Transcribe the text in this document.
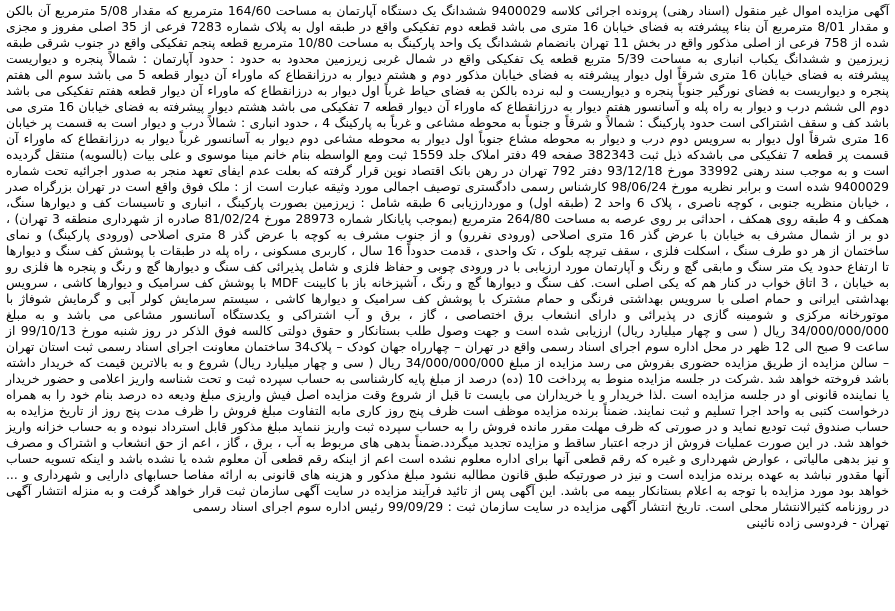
آگهی مزایده اموال غیر منقول (اسناد رهنی) پرونده اجرائی کلاسه 9400029 ششدانگ یک دستگاه آپارتمان به مساحت 164/60 مترمربع که مقدار 5/08 مترمربع آن بالکن و مقدار 8/01 مترمربع آن بناء پیشرفته به فضای خیابان 16 متری می باشد قطعه دوم تفکیکی واقع در طبقه اول به پلاک شماره 7283 فرعی از 35 اصلی مفروز و مجزی شده از 758 فرعی از اصلی مذکور واقع در بخش 11 تهران بانضمام ششدانگ یک واحد پارکینگ به مساحت 10/80 مترمربع قطعه پنجم تفکیکی واقع در جنوب شرقی طبقه زیرزمین و ششدانگ یکباب انباری به مساحت 5/39 متربع قطعه یک تفکیکی واقع در شمال غربی زیرزمین محدود به حدود : حدود آپارتمان : شمالاً پنجره و دیواریست پیشرفته به فضای خیابان 16 متری شرقاً اول دیوار پیشرفته به فضای خیابان مذکور دوم و هشتم دیوار به درزانقطاع که ماوراء آن دیوار قطعه 5 می باشد سوم الی هفتم پنجره و دیواریست به فضای نورگیر جنوباً پنجره و دیواریست و لبه نرده بالکن به فضای حیاط غرباً اول دیوار به درزانقطاع که ماوراء آن دیوار قطعه هفتم تفکیکی می باشد دوم الی ششم درب و دیوار به راه پله و آسانسور هفتم دیوار به درزانقطاع که ماوراء آن دیوار قطعه 7 تفکیکی می باشد هشتم دیوار پیشرفته به فضای خیابان 16 متری می باشد کف و سقف اشتراکی است حدود پارکینگ : شمالاً و شرقاً و جنوباً به محوطه مشاعی و غرباً به پارکینگ 4 ، حدود انباری : شمالاً درب و دیوار است به قسمت پر خیابان 16 متری شرقاً اول دیوار به سرویس دوم درب و دیوار به محوطه مشاع جنوباً اول دیوار به محوطه مشاعی دوم دیوار به آسانسور غرباً دیوار به درزانقطاع که ماوراء آن قسمت پر قطعه 7 تفکیکی می باشدکه ذیل ثبت 382343 صفحه 49 دفتر املاک جلد 1559 ثبت ومع الواسطه بنام خانم مینا موسوی و علی بیات (بالسویه) منتقل گردیده است و به موجب سند رهنی 33992 مورخ 93/12/18 دفتر 792 تهران در رهن بانک اقتصاد نوین قرار گرفته که بعلت عدم ایفای تعهد منجر به صدور اجرائیه تحت شماره 9400029 شده است و برابر نظریه مورخ 98/06/24 کارشناس رسمی دادگستری توصیف اجمالی مورد وثیقه عبارت است از : ملک فوق واقع است در تهران بزرگراه صدر ، خیابان منظریه جنوبی ، کوچه ناصری ، پلاک 6 واحد 2 (طبقه اول) و موردارزیابی 6 طبقه شامل : زیرزمین بصورت پارکینگ ، انباری و تاسیسات کف و دیوارها سنگ، همکف و 4 طبقه روی همکف ، احداثی بر روی عرصه به مساحت 264/80 مترمربع (بموجب پایانکار شماره 28973 مورخ 81/02/24 صادره از شهرداری منطقه 3 تهران) ، دو بر از شمال مشرف به خیابان با عرض گذر 16 متری اصلاحی (ورودی نفررو) و از جنوب مشرف به کوچه با عرض گذر 8 متری اصلاحی (ورودی پارکینگ) و نمای ساختمان از هر دو طرف سنگ ، اسکلت فلزی ، سقف تیرچه بلوک ، تک واحدی ، قدمت حدوداً 16 سال ، کاربری مسکونی ، راه پله در طبقات با پوشش کف سنگ و دیوارها تا ارتفاع حدود یک متر سنگ و مابقی گچ و رنگ و آپارتمان مورد ارزیابی با در ورودی چوبی و حفاظ فلزی و شامل پذیرائی کف سنگ و دیوارها گچ و رنگ و پنجره ها فلزی رو به خیابان ، 3 اتاق خواب در کنار هم که یکی اصلی است. کف سنگ و دیوارها گچ و رنگ ، آشپزخانه باز با کابینت MDF با پوشش کف سرامیک و دیوارها کاشی ، سرویس بهداشتی ایرانی و حمام اصلی با سرویس بهداشتی فرنگی و حمام مشترک با پوشش کف سرامیک و دیوارها کاشی ، سیستم سرمایش کولر آبی و گرمایش شوفاژ با موتورخانه مرکزی و شومینه گازی در پذیرائی و دارای انشعاب برق اختصاصی ، گاز ، برق و آب اشتراکی و یکدستگاه آسانسور مشاعی می باشد و به مبلغ 34/000/000/000 ریال ( سی و چهار میلیارد ریال) ارزیابی شده است و جهت وصول طلب بستانکار و حقوق دولتی کالسه فوق الذکر در روز شنبه مورخ 99/10/13 از ساعت 9 صبح الی 12 ظهر در محل اداره سوم اجرای اسناد رسمی واقع در تهران – چهارراه جهان کودک – پلاک34 ساختمان معاونت اجرای اسناد رسمی ثبت استان تهران – سالن مزایده از طریق مزایده حضوری بفروش می رسد مزایده از مبلغ 34/000/000/000 ریال ( سی و چهار میلیارد ریال) شروع و به بالاترین قیمت که خریدار داشته باشد فروخته خواهد شد .شرکت در جلسه مزایده منوط به پرداخت 10 (ده) درصد از مبلغ پایه کارشناسی به حساب سپرده ثبت و تحت شناسه واریز اعلامی و حضور خریدار یا نماینده قانونی او در جلسه مزایده است .لذا خریدار و یا خریداران می بایست تا قبل از شروع وقت مزایده اصل فیش واریزی مبلغ ودیعه ده درصد بنام خود را به همراه درخواست کتبی به واحد اجرا تسلیم و ثبت نمایند. ضمناً برنده مزایده موظف است ظرف پنج روز کاری مابه التفاوت مبلغ فروش را ظرف مدت پنج روز از تاریخ مزایده به حساب صندوق ثبت تودیع نماید و در صورتی که ظرف مهلت مقرر مانده فروش را به حساب سپرده ثبت واریز ننماید مبلغ مذکور قابل استرداد نبوده و به حساب خزانه واریز خواهد شد. در این صورت عملیات فروش از درجه اعتبار ساقط و مزایده تجدید میگردد.ضمناً بدهی های مربوط به آب ، برق ، گاز ، اعم از حق انشعاب و اشتراک و مصرف و نیز بدهی مالیاتی ، عوارض شهرداری و غیره که رقم قطعی آنها برای اداره معلوم نشده است اعم از اینکه رقم قطعی آن معلوم شده یا نشده باشد و اینکه تسویه حساب آنها مقدور نباشد به عهده برنده مزایده است و نیز در صورتیکه طبق قانون مطالبه نشود مبلغ مذکور و هزینه های قانونی به ارائه مفاصا حسابهای دارایی و شهرداری و ... خواهد بود مورد مزایده با توجه به اعلام بستانکار بیمه می باشد. این آگهی پس از تائید فرآیند مزایده در سایت آگهی سازمان ثبت قرار خواهد گرفت و به منزله انتشار آگهی در روزنامه کثیرالانتشار محلی است. تاریخ انتشار آگهی مزایده در سایت سازمان ثبت : 99/09/29 رئیس اداره سوم اجرای اسناد رسمی

تهران - فردوسی زاده نائینی
